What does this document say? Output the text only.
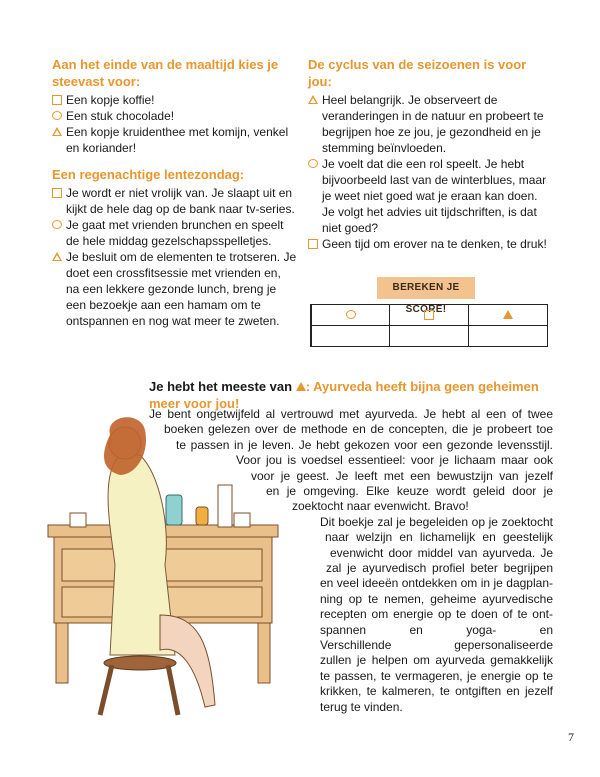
Aan het einde van de maaltijd kies je steevast voor:
Een kopje koffie!
Een stuk chocolade!
Een kopje kruidenthee met komijn, venkel en koriander!
Een regenachtige lentezondag:
Je wordt er niet vrolijk van. Je slaapt uit en kijkt de hele dag op de bank naar tv-series.
Je gaat met vrienden brunchen en speelt de hele middag gezelschapsspelletjes.
Je besluit om de elementen te trotseren. Je doet een crossfitsessie met vrienden en, na een lekkere gezonde lunch, breng je een bezoekje aan een hamam om te ontspannen en nog wat meer te zweten.
De cyclus van de seizoenen is voor jou:
Heel belangrijk. Je observeert de veranderingen in de natuur en probeert te begrijpen hoe ze jou, je gezondheid en je stemming beïnvloeden.
Je voelt dat die een rol speelt. Je hebt bijvoorbeeld last van de winterblues, maar je weet niet goed wat je eraan kan doen. Je volgt het advies uit tijdschriften, is dat niet goed?
Geen tijd om erover na te denken, te druk!
BEREKEN JE SCORE!

Je hebt het meeste van : Ayurveda heeft bijna geen geheimen meer voor jou!
Je bent ongetwijfeld al vertrouwd met ayurveda. Je hebt al een of twee
boeken gelezen over de methode en de concepten, die je probeert toe
te passen in je leven. Je hebt gekozen voor een gezonde levensstijl.
Voor jou is voedsel essentieel: voor je lichaam maar ook
voor je geest. Je leeft met een bewustzijn van jezelf
en je omgeving. Elke keuze wordt geleid door je
zoektocht naar evenwicht. Bravo!
Dit boekje zal je begeleiden op je zoektocht
naar welzijn en lichamelijk en geestelijk
evenwicht door middel van ayurveda. Je
zal je ayurvedisch profiel beter begrijpen
en veel ideeën ontdekken om in je dagplan-
ning op te nemen, geheime ayurvedische
recepten om energie op te doen of te ont-
spannen en yoga- en
Verschillende gepersonaliseerde
zullen je helpen om ayurveda gemakkelijk
te passen, te vermageren, je energie op te
krikken, te kalmeren, te ontgiften en jezelf
terug te vinden.
7
